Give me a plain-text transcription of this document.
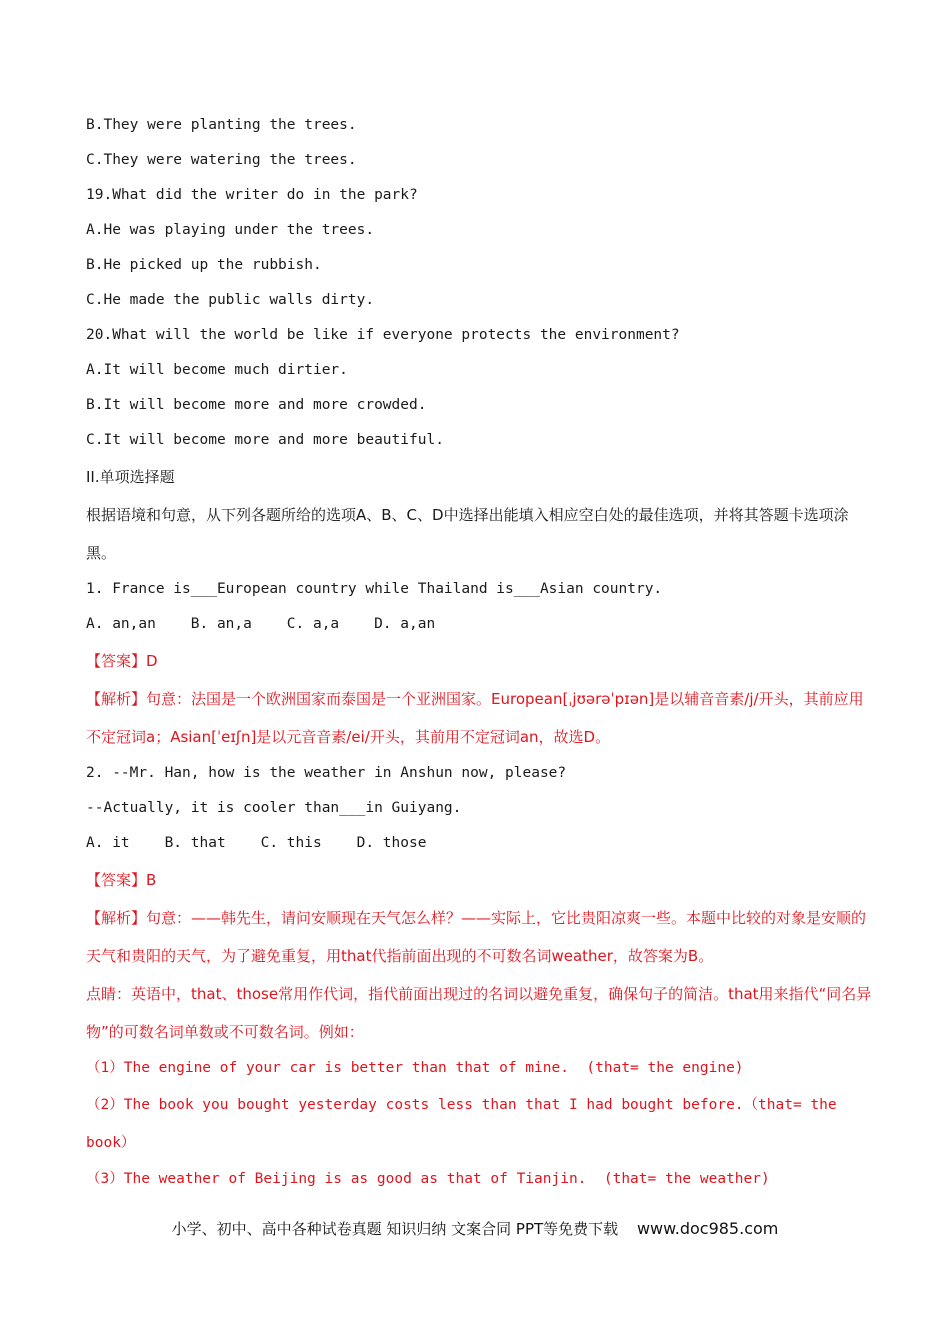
B.They were planting the trees.
C.They were watering the trees.
19.What did the writer do in the park?
A.He was playing under the trees.
B.He picked up the rubbish.
C.He made the public walls dirty.
20.What will the world be like if everyone protects the environment?
A.It will become much dirtier.
B.It will become more and more crowded.
C.It will become more and more beautiful.
II.单项选择题
根据语境和句意，从下列各题所给的选项A、B、C、D中选择出能填入相应空白处的最佳选项，并将其答题卡选项涂黑。
1. France is___European country while Thailand is___Asian country.
A. an,an    B. an,a    C. a,a    D. a,an
【答案】D
【解析】句意：法国是一个欧洲国家而泰国是一个亚洲国家。European[ˌjʊərəˈpɪən]是以辅音音素/j/开头，其前应用不定冠词a；Asian[ˈeɪʃn]是以元音音素/ei/开头，其前用不定冠词an，故选D。
2. --Mr. Han, how is the weather in Anshun now, please?
--Actually, it is cooler than___in Guiyang.
A. it    B. that    C. this    D. those
【答案】B
【解析】句意：——韩先生，请问安顺现在天气怎么样？——实际上，它比贵阳凉爽一些。本题中比较的对象是安顺的天气和贵阳的天气，为了避免重复，用that代指前面出现的不可数名词weather，故答案为B。
点睛：英语中，that、those常用作代词，指代前面出现过的名词以避免重复，确保句子的简洁。that用来指代“同名异物”的可数名词单数或不可数名词。例如：
（1）The engine of your car is better than that of mine.  (that= the engine)
（2）The book you bought yesterday costs less than that I had bought before.（that= the book）
（3）The weather of Beijing is as good as that of Tianjin.  (that= the weather)
小学、初中、高中各种试卷真题 知识归纳 文案合同 PPT等免费下载 www.doc985.com
